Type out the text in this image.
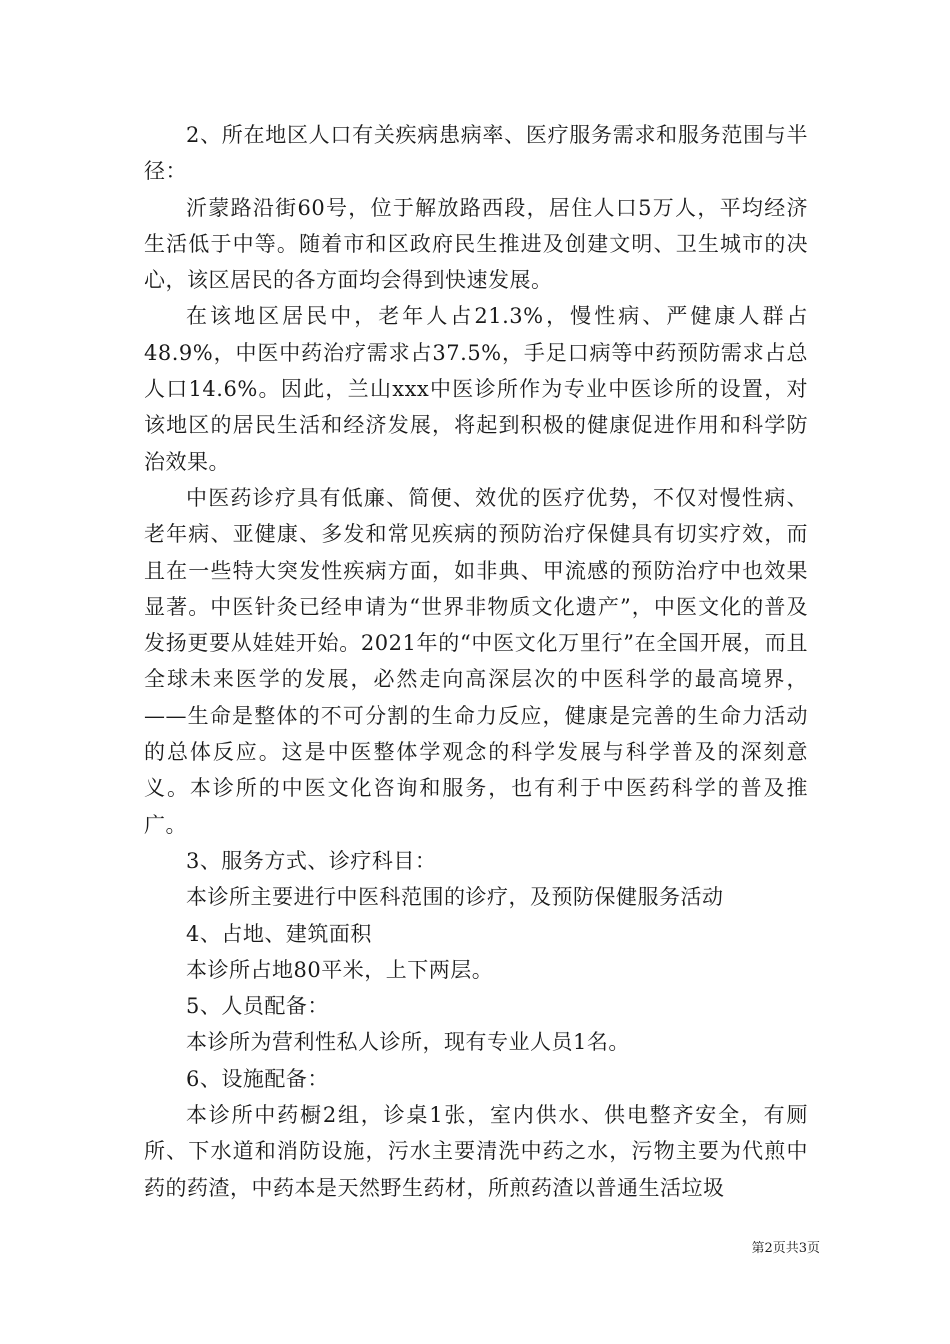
2、所在地区人口有关疾病患病率、医疗服务需求和服务范围与半径：

沂蒙路沿街60号，位于解放路西段，居住人口5万人，平均经济生活低于中等。随着市和区政府民生推进及创建文明、卫生城市的决心，该区居民的各方面均会得到快速发展。

在该地区居民中，老年人占21.3%，慢性病、严健康人群占48.9%，中医中药治疗需求占37.5%，手足口病等中药预防需求占总人口14.6%。因此，兰山xxx中医诊所作为专业中医诊所的设置，对该地区的居民生活和经济发展，将起到积极的健康促进作用和科学防治效果。

中医药诊疗具有低廉、简便、效优的医疗优势，不仅对慢性病、老年病、亚健康、多发和常见疾病的预防治疗保健具有切实疗效，而且在一些特大突发性疾病方面，如非典、甲流感的预防治疗中也效果显著。中医针灸已经申请为“世界非物质文化遗产”，中医文化的普及发扬更要从娃娃开始。2021年的“中医文化万里行”在全国开展，而且全球未来医学的发展，必然走向高深层次的中医科学的最高境界，——生命是整体的不可分割的生命力反应，健康是完善的生命力活动的总体反应。这是中医整体学观念的科学发展与科学普及的深刻意义。本诊所的中医文化咨询和服务，也有利于中医药科学的普及推广。

3、服务方式、诊疗科目：

本诊所主要进行中医科范围的诊疗，及预防保健服务活动

4、占地、建筑面积

本诊所占地80平米，上下两层。

5、人员配备：

本诊所为营利性私人诊所，现有专业人员1名。

6、设施配备：

本诊所中药橱2组，诊桌1张，室内供水、供电整齐安全，有厕所、下水道和消防设施，污水主要清洗中药之水，污物主要为代煎中药的药渣，中药本是天然野生药材，所煎药渣以普通生活垃圾

第2页共3页
